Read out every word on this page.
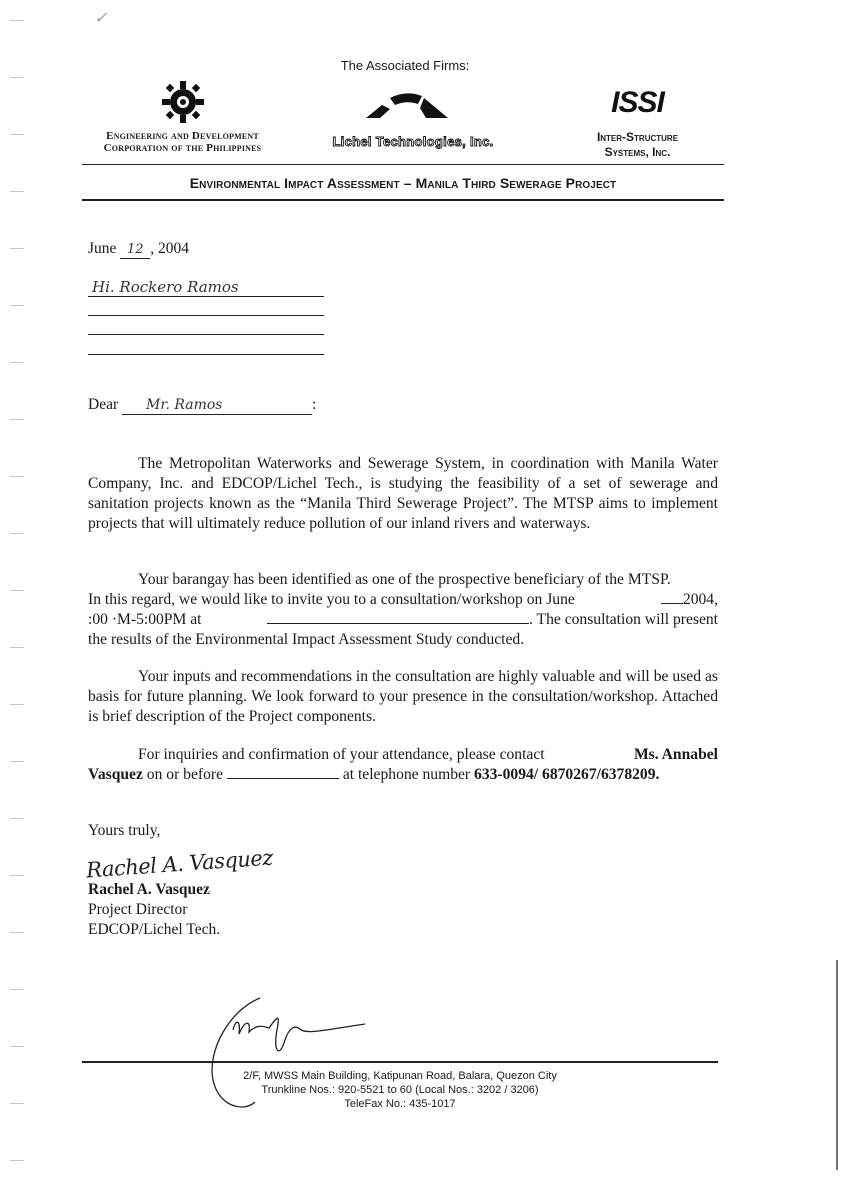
✓
The Associated Firms:
Engineering and Development
Corporation of the Philippines	Lichel Technologies, Inc.
ISSI
Inter-Structure
Systems, Inc.
Environmental Impact Assessment – Manila Third Sewerage Project
June 12 , 2004
Hi. Rockero Ramos
Dear Mr. Ramos	:

The Metropolitan Waterworks and Sewerage System, in coordination with Manila Water Company, Inc. and EDCOP/Lichel Tech., is studying the feasibility of a set of sewerage and sanitation projects known as the “Manila Third Sewerage Project”. The MTSP aims to implement projects that will ultimately reduce pollution of our inland rivers and waterways.

Your barangay has been identified as one of the prospective beneficiary of the MTSP.
In this regard, we would like to invite you to a consultation/workshop on June	2004,
:00 ·M-5:00PM at	. The consultation will present
the results of the Environmental Impact Assessment Study conducted.

Your inputs and recommendations in the consultation are highly valuable and will be used as basis for future planning. We look forward to your presence in the consultation/workshop. Attached is brief description of the Project components.

For inquiries and confirmation of your attendance, please contact	Ms. Annabel
Vasquez on or before	at telephone number 633-0094/ 6870267/6378209.
Yours truly,
Rachel A. Vasquez
Rachel A. Vasquez
Project Director
EDCOP/Lichel Tech.
2/F, MWSS Main Building, Katipunan Road, Balara, Quezon City
Trunkline Nos.: 920-5521 to 60 (Local Nos.: 3202 / 3206)
TeleFax No.: 435-1017
